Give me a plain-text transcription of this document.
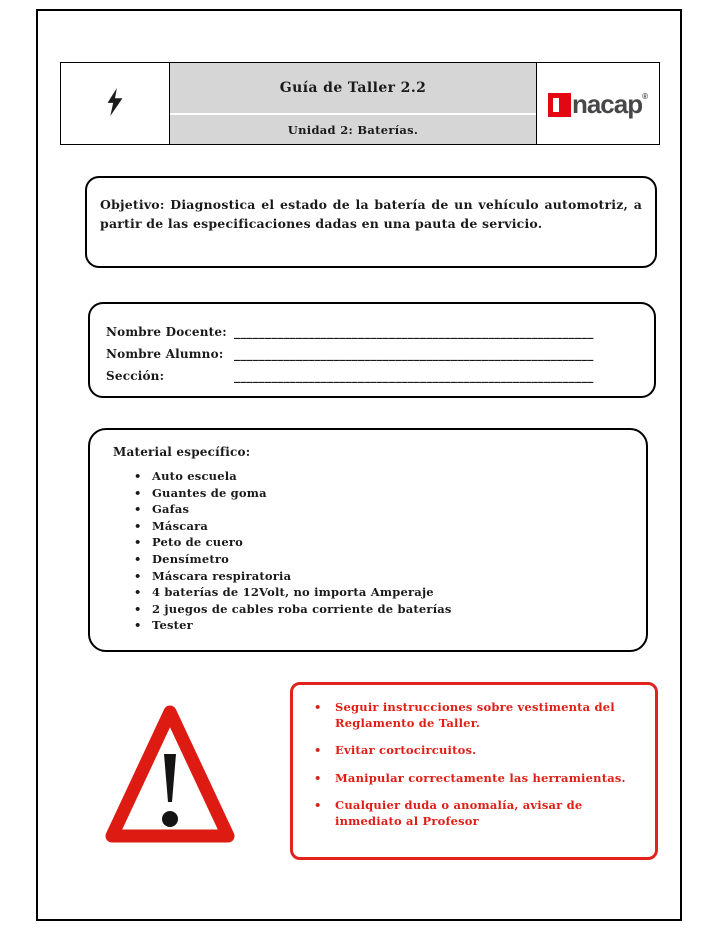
Guía de Taller 2.2
Unidad 2: Baterías.
nacap ®
Objetivo: Diagnostica el estado de la batería de un vehículo automotriz, a partir de las especificaciones dadas en una pauta de servicio.
Nombre Docente: __________________________________________________________
Nombre Alumno: __________________________________________________________
Sección:	__________________________________________________________
Material específico:
• Auto escuela
• Guantes de goma
• Gafas
• Máscara
• Peto de cuero
• Densímetro
• Máscara respiratoria
• 4 baterías de 12Volt, no importa Amperaje
• 2 juegos de cables roba corriente de baterías
• Tester
• Seguir instrucciones sobre vestimenta del Reglamento de Taller.
• Evitar cortocircuitos.
• Manipular correctamente las herramientas.
• Cualquier duda o anomalía, avisar de inmediato al Profesor
